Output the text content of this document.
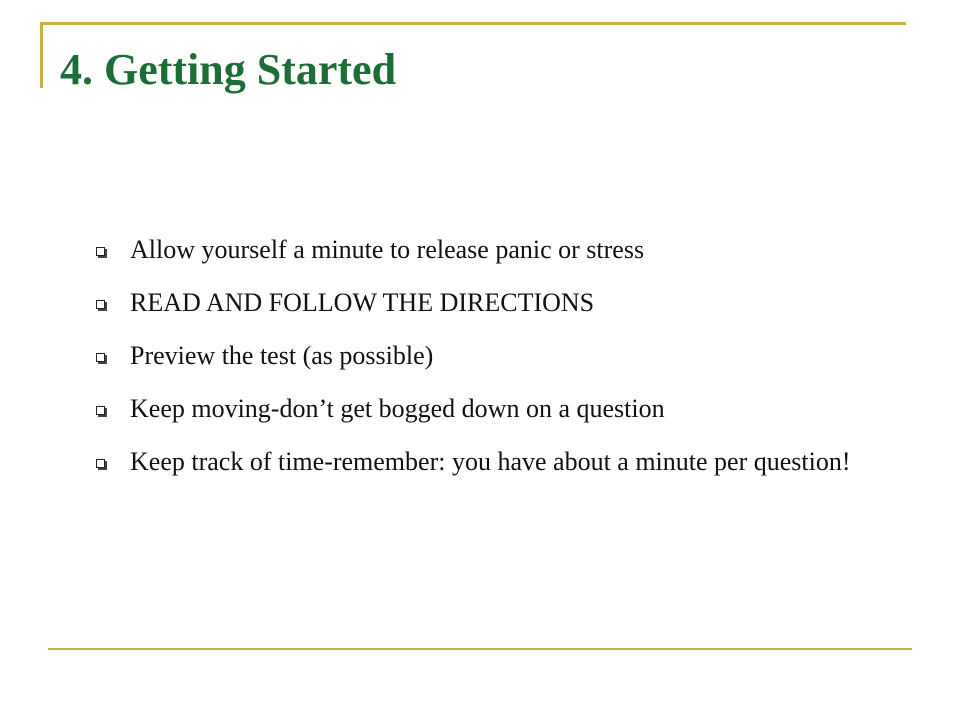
4. Getting Started
Allow yourself a minute to release panic or stress
READ AND FOLLOW THE DIRECTIONS
Preview the test (as possible)
Keep moving-don’t get bogged down on a question
Keep track of time-remember: you have about a minute per question!
